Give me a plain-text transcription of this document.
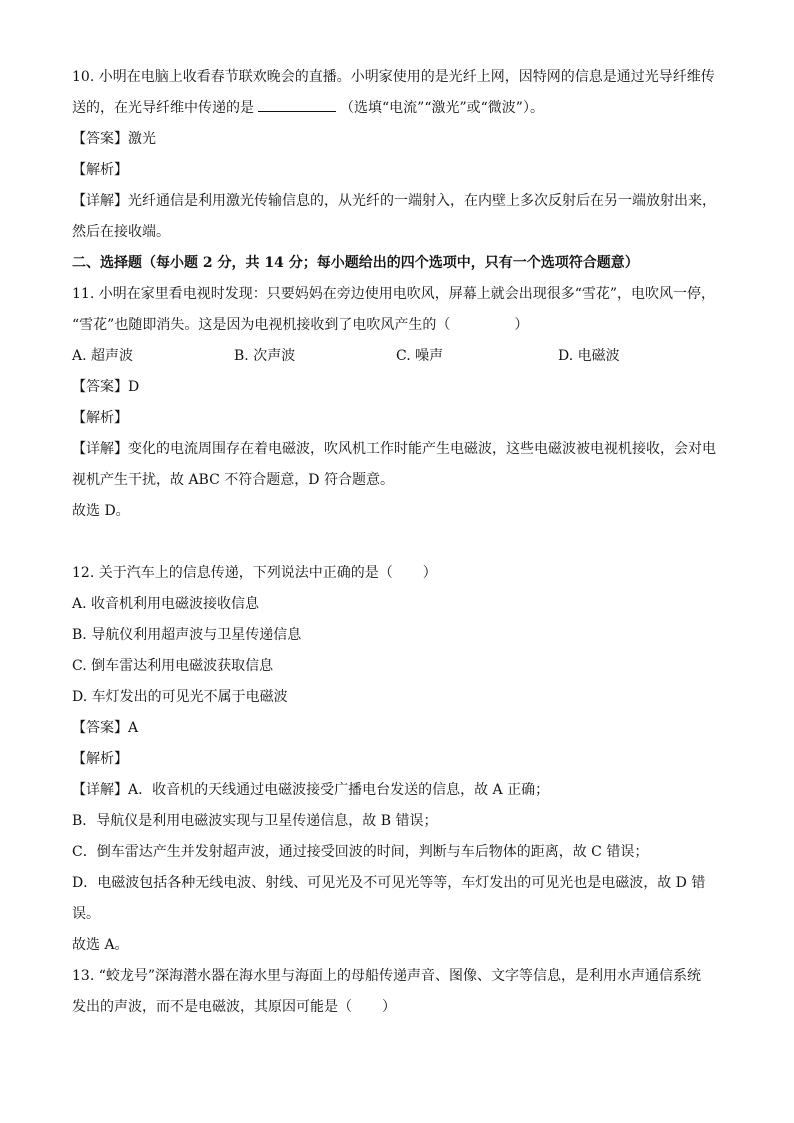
10. 小明在电脑上收看春节联欢晚会的直播。小明家使用的是光纤上网，因特网的信息是通过光导纤维传
送的，在光导纤维中传递的是	（选填“电流”“激光”或“微波”）。
【答案】激光
【解析】
【详解】光纤通信是利用激光传输信息的，从光纤的一端射入，在内壁上多次反射后在另一端放射出来，
然后在接收端。
二、选择题（每小题 2 分，共 14 分；每小题给出的四个选项中，只有一个选项符合题意）
11. 小明在家里看电视时发现：只要妈妈在旁边使用电吹风，屏幕上就会出现很多“雪花”，电吹风一停，
“雪花”也随即消失。这是因为电视机接收到了电吹风产生的（	）
A. 超声波	B. 次声波	C. 噪声	D. 电磁波
【答案】D
【解析】
【详解】变化的电流周围存在着电磁波，吹风机工作时能产生电磁波，这些电磁波被电视机接收，会对电
视机产生干扰，故 ABC 不符合题意，D 符合题意。
故选 D。
12. 关于汽车上的信息传递，下列说法中正确的是（ ）
A. 收音机利用电磁波接收信息
B. 导航仪利用超声波与卫星传递信息
C. 倒车雷达利用电磁波获取信息
D. 车灯发出的可见光不属于电磁波
【答案】A
【解析】
【详解】A．收音机的天线通过电磁波接受广播电台发送的信息，故 A 正确；
B．导航仪是利用电磁波实现与卫星传递信息，故 B 错误；
C．倒车雷达产生并发射超声波，通过接受回波的时间，判断与车后物体的距离，故 C 错误；
D．电磁波包括各种无线电波、射线、可见光及不可见光等等，车灯发出的可见光也是电磁波，故 D 错
误。
故选 A。
13. “蛟龙号”深海潜水器在海水里与海面上的母船传递声音、图像、文字等信息，是利用水声通信系统
发出的声波，而不是电磁波，其原因可能是（ ）
